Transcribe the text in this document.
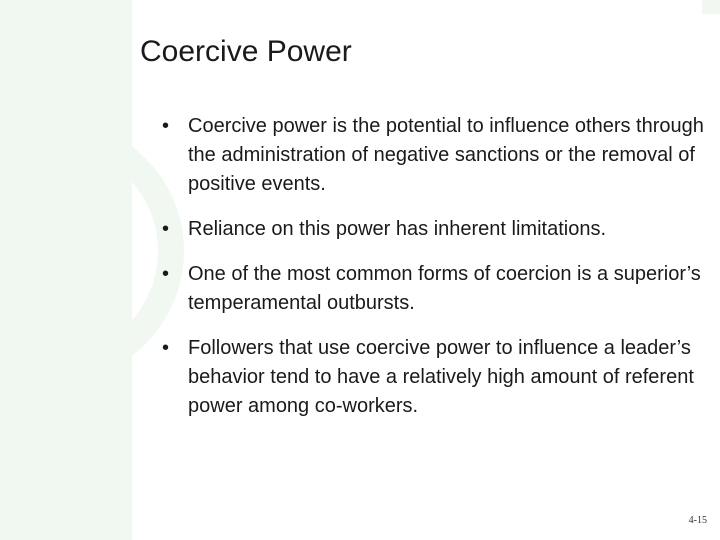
Coercive Power
• Coercive power is the potential to influence others through the administration of negative sanctions or the removal of positive events.
• Reliance on this power has inherent limitations.
• One of the most common forms of coercion is a superior’s temperamental outbursts.
• Followers that use coercive power to influence a leader’s behavior tend to have a relatively high amount of referent power among co-workers.
4-15
